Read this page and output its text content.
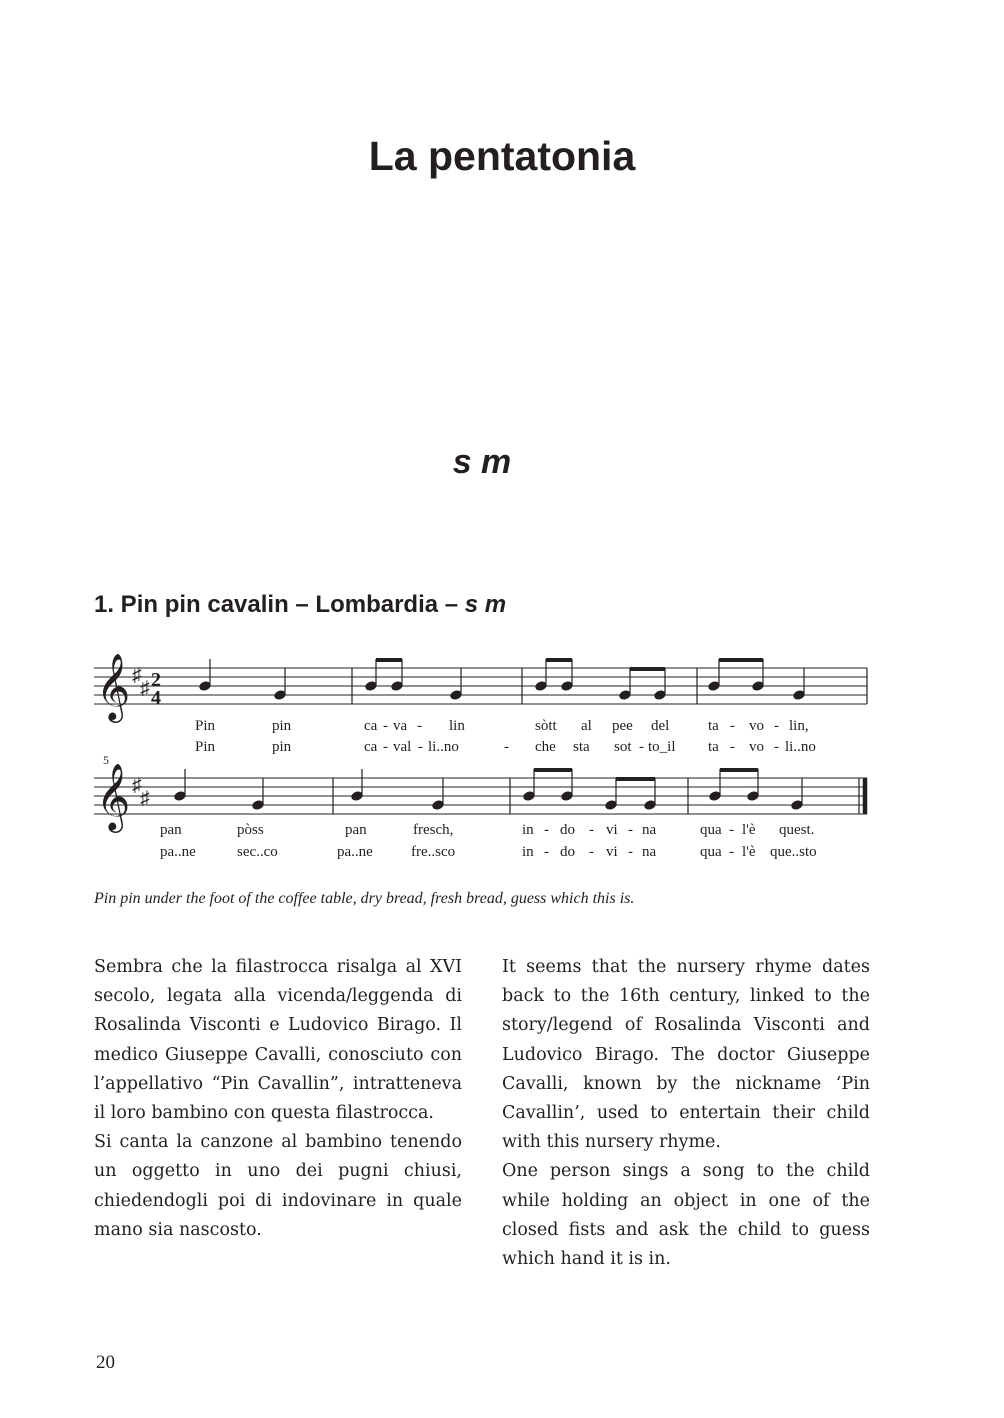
La pentatonia
s m
1. Pin pin cavalin – Lombardia – s m
𝄞 ♯
♯ 2
4
Pin	pin	ca - va - lin	sòtt al pee del	ta - vo - lin,
Pin	pin	ca - val - li..no	- che sta sot - to_il ta - vo - li..no
5
𝄞 ♯
♯
pan	pòss	pan	fresch,	in - do - vi - na	qua - l'è quest.
pa..ne	sec..co	pa..ne	fre..sco	in - do - vi - na	qua - l'è que..sto
Pin pin under the foot of the coffee table, dry bread, fresh bread, guess which this is.

Sembra che la filastrocca risalga al XVI secolo, legata alla vicenda/leggenda di Rosalinda Visconti e Ludovico Birago. Il medico Giuseppe Cavalli, conosciuto con l’appellativo “Pin Cavallin”, intratteneva il loro bambino con questa filastrocca.

Si canta la canzone al bambino tenendo un oggetto in uno dei pugni chiusi, chiedendogli poi di indovinare in quale mano sia nascosto.

It seems that the nursery rhyme dates back to the 16th century, linked to the story/legend of Rosalinda Visconti and Ludovico Birago. The doctor Giuseppe Cavalli, known by the nickname ‘Pin Cavallin’, used to entertain their child with this nursery rhyme.

One person sings a song to the child while holding an object in one of the closed fists and ask the child to guess which hand it is in.

20
